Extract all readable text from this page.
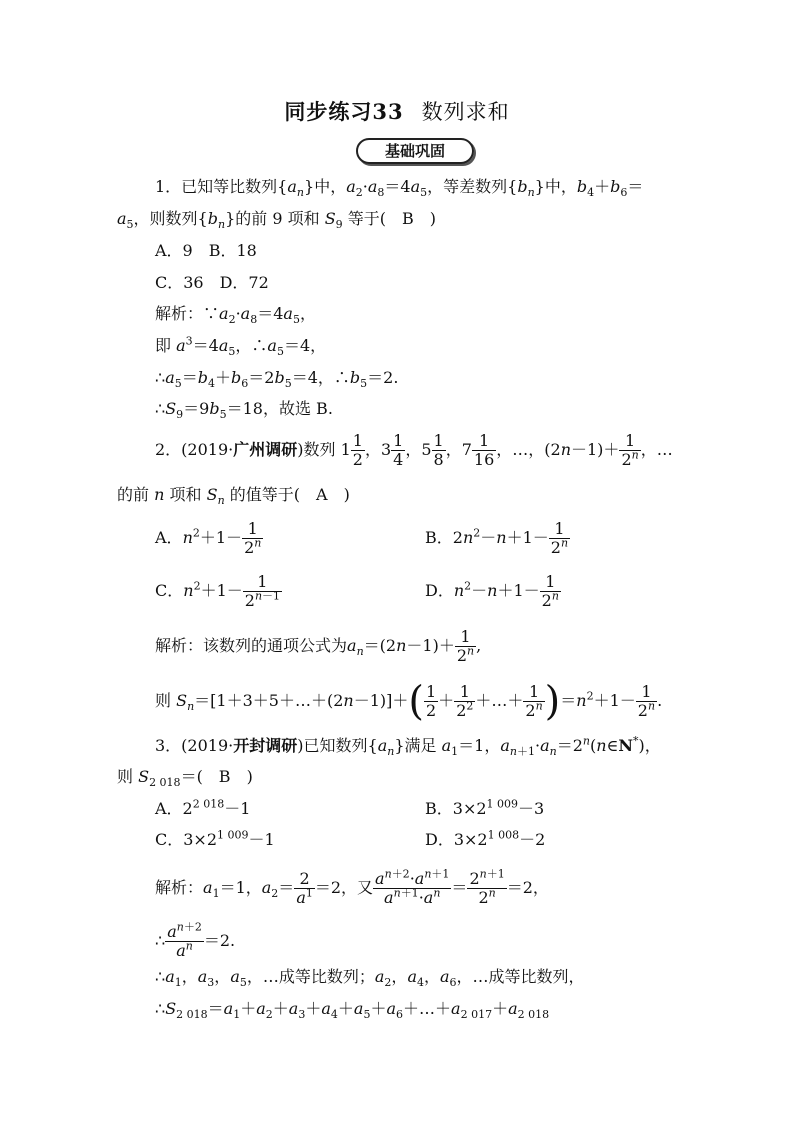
同步练习33 数列求和
基础巩固
1．已知等比数列$\{a_n\}$中，$a_2\cdot a_8=4a_5$，等差数列$\{b_n\}$中，$b_4+b_6=$
$a_5$，则数列$\{b_n\}$的前 9 项和 $S_9$ 等于(　B　)
A．9　B．18
C．36　D．72
解析：$\because a_2\cdot a_8=4a_5$，
即 $a^3=4a_5$，$\therefore a_5=4$，
$\therefore a_5=b_4+b_6=2b_5=4$，$\therefore b_5=2$.
$\therefore S_9=9b_5=18$，故选 B.
2．(2019·广州调研)数列 $1 \frac{1}{2}$ ，$3 \frac{1}{4}$ ，$5 \frac{1}{8}$ ，$7 \frac{1}{16}$ ，…，$(2n-1)+ \frac{1}{2^n}$ ，…
的前 n 项和 $S_n$ 的值等于(　A　)
A．$n^2+1- \frac{1}{2^n}$	B．$2n^2-n+1- \frac{1}{2^n}$
C．$n^2+1- \frac{1}{2^{n-1}}$	D．$n^2-n+1- \frac{1}{2^n}$
解析：该数列的通项公式为$a_n=(2n-1)+ \frac{1}{2^n}$ ,
则 $S_n=[1+3+5+\dots+(2n-1)]+( \frac{1}{2} + \frac{1}{2^2}$ ＋…＋ $\frac{1}{2^n} )=n^2+1- \frac{1}{2^n}$ .
3．(2019·开封调研)已知数列$\{a_n\}$满足 $a_1=1$，$a_{n+1}\cdot a_n=2^n(n\in N^*)$，
则 $S_{2 018}=$(　B　)
A．$2^{2 018}-1$	B．$3\times 2^{1 009}-3$
C．$3\times 2^{1 009}-1$	D．$3\times 2^{1 008}-2$
解析：$a_1=1$，$a_2= \frac{2}{a^1} =2$，又 $\frac{a^{n+2}\cdot a^{n+1}}{a^{n+1}\cdot a^n} = \frac{2^{n+1}}{2^n} =2$，
∴ $\frac{a^{n+2}}{a^n} =2$.
$\therefore a_1$，$a_3$，$a_5$，…成等比数列；$a_2$，$a_4$，$a_6$，…成等比数列，
$\therefore S_{2 018}=a_1+a_2+a_3+a_4+a_5+a_6+\dots+a_{2 017}+a_{2 018}$
